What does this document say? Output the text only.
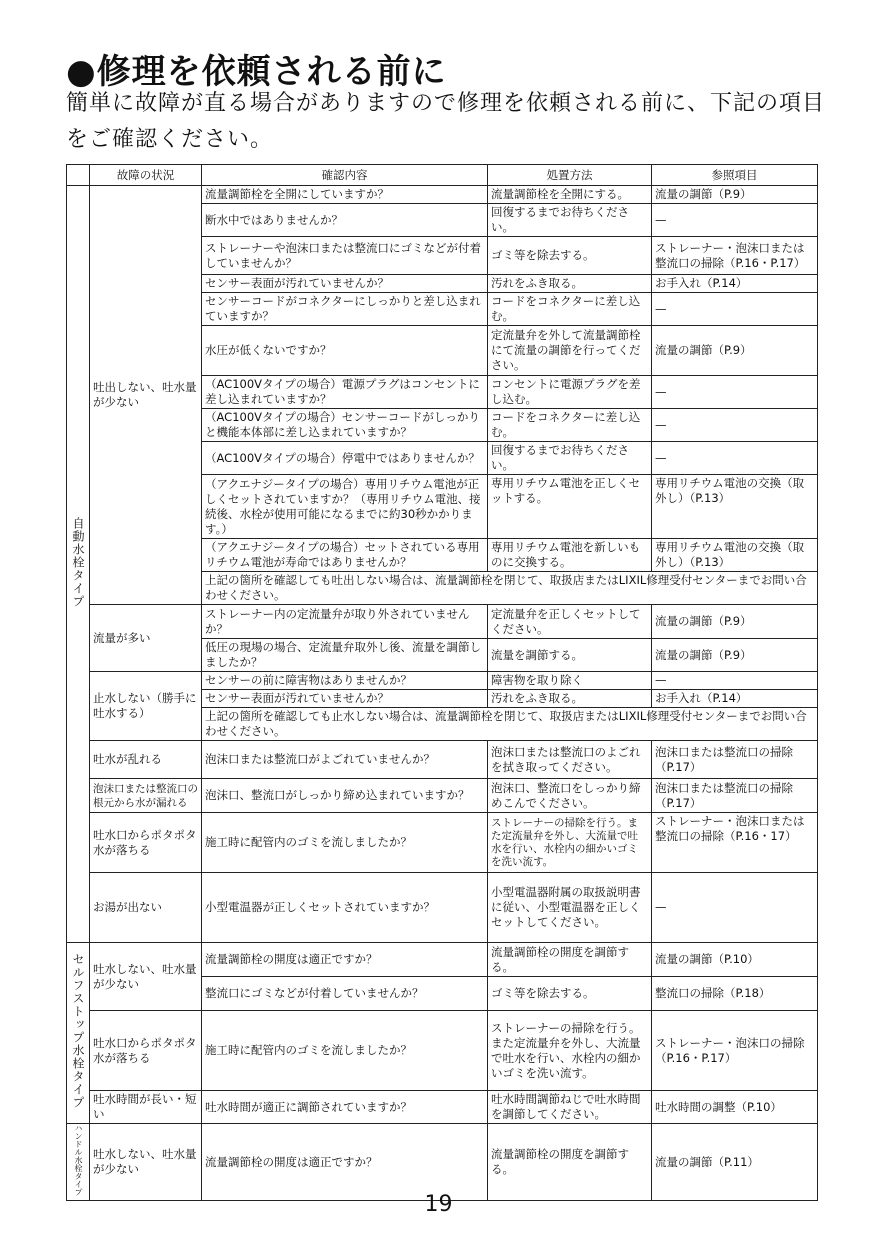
●修理を依頼される前に
簡単に故障が直る場合がありますので修理を依頼される前に、下記の項目をご確認ください。
	故障の状況	確認内容	処置方法	参照項目
自動水栓タイプ	吐出しない、吐水量が少ない	流量調節栓を全開にしていますか？	流量調節栓を全開にする。	流量の調節（P.9）
		断水中ではありませんか？	回復するまでお待ちください。	—
		ストレーナーや泡沫口または整流口にゴミなどが付着していませんか？	ゴミ等を除去する。	ストレーナー・泡沫口または整流口の掃除（P.16・P.17）
		センサー表面が汚れていませんか？	汚れをふき取る。	お手入れ（P.14）
		センサーコードがコネクターにしっかりと差し込まれていますか？	コードをコネクターに差し込む。	—
		水圧が低くないですか？	定流量弁を外して流量調節栓にて流量の調節を行ってください。	流量の調節（P.9）
		（AC100Vタイプの場合）電源プラグはコンセントに差し込まれていますか？	コンセントに電源プラグを差し込む。	—
		（AC100Vタイプの場合）センサーコードがしっかりと機能本体部に差し込まれていますか？	コードをコネクターに差し込む。	—
		（AC100Vタイプの場合）停電中ではありませんか？	回復するまでお待ちください。	—
		（アクエナジータイプの場合）専用リチウム電池が正しくセットされていますか？（専用リチウム電池、接続後、水栓が使用可能になるまでに約30秒かかります。）	専用リチウム電池を正しくセットする。	専用リチウム電池の交換（取外し）（P.13）
		（アクエナジータイプの場合）セットされている専用リチウム電池が寿命ではありませんか？	専用リチウム電池を新しいものに交換する。	専用リチウム電池の交換（取外し）（P.13）
		上記の箇所を確認しても吐出しない場合は、流量調節栓を閉じて、取扱店またはLIXIL修理受付センターまでお問い合わせください。		
	流量が多い	ストレーナー内の定流量弁が取り外されていませんか？	定流量弁を正しくセットしてください。	流量の調節（P.9）
		低圧の現場の場合、定流量弁取外し後、流量を調節しましたか？	流量を調節する。	流量の調節（P.9）
	止水しない（勝手に吐水する）	センサーの前に障害物はありませんか？	障害物を取り除く	—
		センサー表面が汚れていませんか？	汚れをふき取る。	お手入れ（P.14）
		上記の箇所を確認しても止水しない場合は、流量調節栓を閉じて、取扱店またはLIXIL修理受付センターまでお問い合わせください。		
	吐水が乱れる	泡沫口または整流口がよごれていませんか？	泡沫口または整流口のよごれを拭き取ってください。	泡沫口または整流口の掃除（P.17）
	泡沫口または整流口の根元から水が漏れる	泡沫口、整流口がしっかり締め込まれていますか？	泡沫口、整流口をしっかり締めこんでください。	泡沫口または整流口の掃除（P.17）
	吐水口からポタポタ水が落ちる	施工時に配管内のゴミを流しましたか？	ストレーナーの掃除を行う。また定流量弁を外し、大流量で吐水を行い、水栓内の細かいゴミを洗い流す。	ストレーナー・泡沫口または整流口の掃除（P.16・17）
	お湯が出ない	小型電温器が正しくセットされていますか？	小型電温器附属の取扱説明書に従い、小型電温器を正しくセットしてください。	—
セルフストップ水栓タイプ	吐水しない、吐水量が少ない	流量調節栓の開度は適正ですか？	流量調節栓の開度を調節する。	流量の調節（P.10）
		整流口にゴミなどが付着していませんか？	ゴミ等を除去する。	整流口の掃除（P.18）
	吐水口からポタポタ水が落ちる	施工時に配管内のゴミを流しましたか？	ストレーナーの掃除を行う。また定流量弁を外し、大流量で吐水を行い、水栓内の細かいゴミを洗い流す。	ストレーナー・泡沫口の掃除（P.16・P.17）
	吐水時間が長い・短い	吐水時間が適正に調節されていますか？	吐水時間調節ねじで吐水時間を調節してください。	吐水時間の調整（P.10）
ハンドル水栓タイプ	吐水しない、吐水量が少ない	流量調節栓の開度は適正ですか？	流量調節栓の開度を調節する。	流量の調節（P.11）
19
